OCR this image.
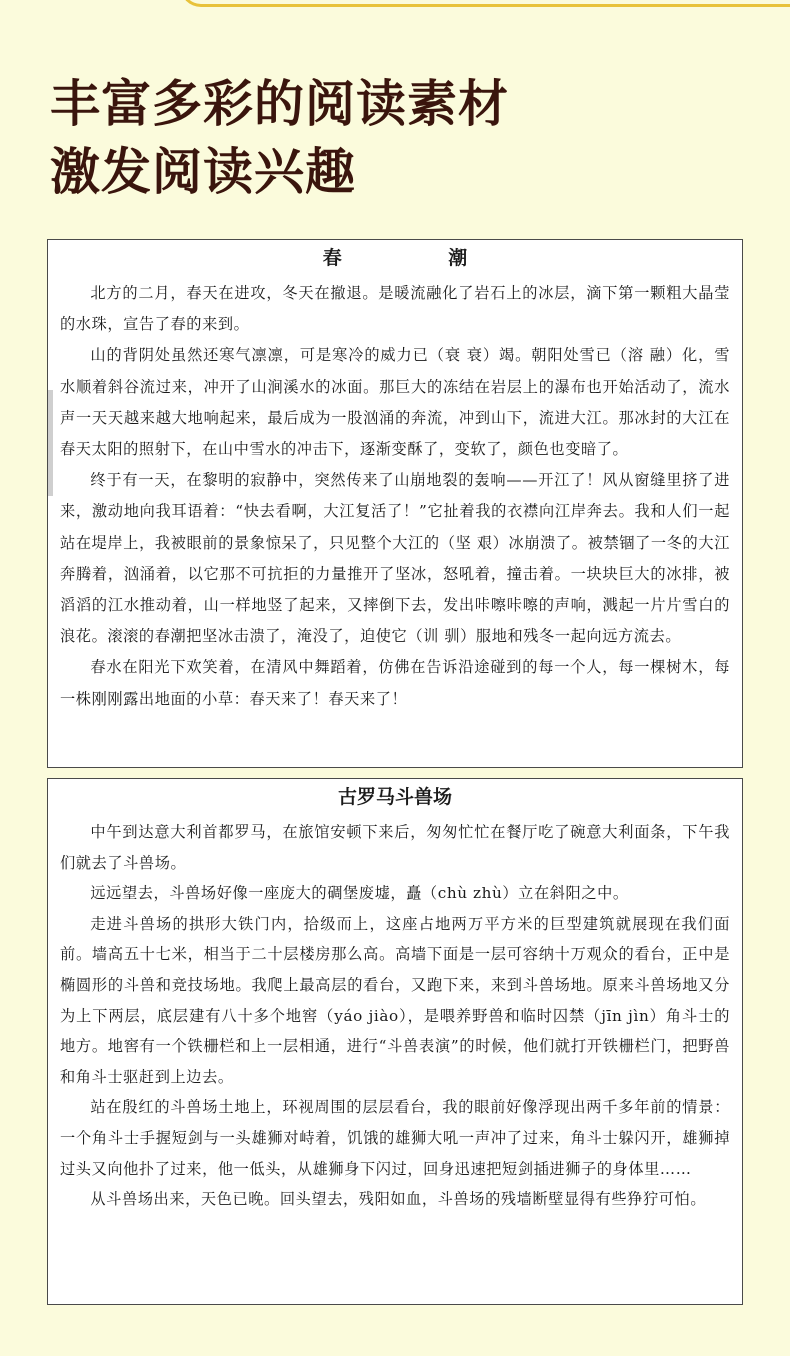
丰富多彩的阅读素材
激发阅读兴趣
春 潮

北方的二月，春天在进攻，冬天在撤退。是暖流融化了岩石上的冰层，滴下第一颗粗大晶莹的水珠，宣告了春的来到。

山的背阴处虽然还寒气凛凛，可是寒冷的威力已（衰 衰）竭。朝阳处雪已（溶 融）化，雪水顺着斜谷流过来，冲开了山涧溪水的冰面。那巨大的冻结在岩层上的瀑布也开始活动了，流水声一天天越来越大地响起来，最后成为一股汹涌的奔流，冲到山下，流进大江。那冰封的大江在春天太阳的照射下，在山中雪水的冲击下，逐渐变酥了，变软了，颜色也变暗了。

终于有一天，在黎明的寂静中，突然传来了山崩地裂的轰响——开江了！风从窗缝里挤了进来，激动地向我耳语着：“快去看啊，大江复活了！”它扯着我的衣襟向江岸奔去。我和人们一起站在堤岸上，我被眼前的景象惊呆了，只见整个大江的（坚 艰）冰崩溃了。被禁锢了一冬的大江奔腾着，汹涌着，以它那不可抗拒的力量推开了坚冰，怒吼着，撞击着。一块块巨大的冰排，被滔滔的江水推动着，山一样地竖了起来，又摔倒下去，发出咔嚓咔嚓的声响，溅起一片片雪白的浪花。滚滚的春潮把坚冰击溃了，淹没了，迫使它（训 驯）服地和残冬一起向远方流去。

春水在阳光下欢笑着，在清风中舞蹈着，仿佛在告诉沿途碰到的每一个人，每一棵树木，每一株刚刚露出地面的小草：春天来了！春天来了！

古罗马斗兽场

中午到达意大利首都罗马，在旅馆安顿下来后，匆匆忙忙在餐厅吃了碗意大利面条，下午我们就去了斗兽场。

远远望去，斗兽场好像一座庞大的碉堡废墟，矗（chù zhù）立在斜阳之中。

走进斗兽场的拱形大铁门内，拾级而上，这座占地两万平方米的巨型建筑就展现在我们面前。墙高五十七米，相当于二十层楼房那么高。高墙下面是一层可容纳十万观众的看台，正中是椭圆形的斗兽和竞技场地。我爬上最高层的看台，又跑下来，来到斗兽场地。原来斗兽场地又分为上下两层，底层建有八十多个地窖（yáo jiào），是喂养野兽和临时囚禁（jīn jìn）角斗士的地方。地窖有一个铁栅栏和上一层相通，进行“斗兽表演”的时候，他们就打开铁栅栏门，把野兽和角斗士驱赶到上边去。

站在殷红的斗兽场土地上，环视周围的层层看台，我的眼前好像浮现出两千多年前的情景：一个角斗士手握短剑与一头雄狮对峙着，饥饿的雄狮大吼一声冲了过来，角斗士躲闪开，雄狮掉过头又向他扑了过来，他一低头，从雄狮身下闪过，回身迅速把短剑插进狮子的身体里……

从斗兽场出来，天色已晚。回头望去，残阳如血，斗兽场的残墙断壁显得有些狰狞可怕。
